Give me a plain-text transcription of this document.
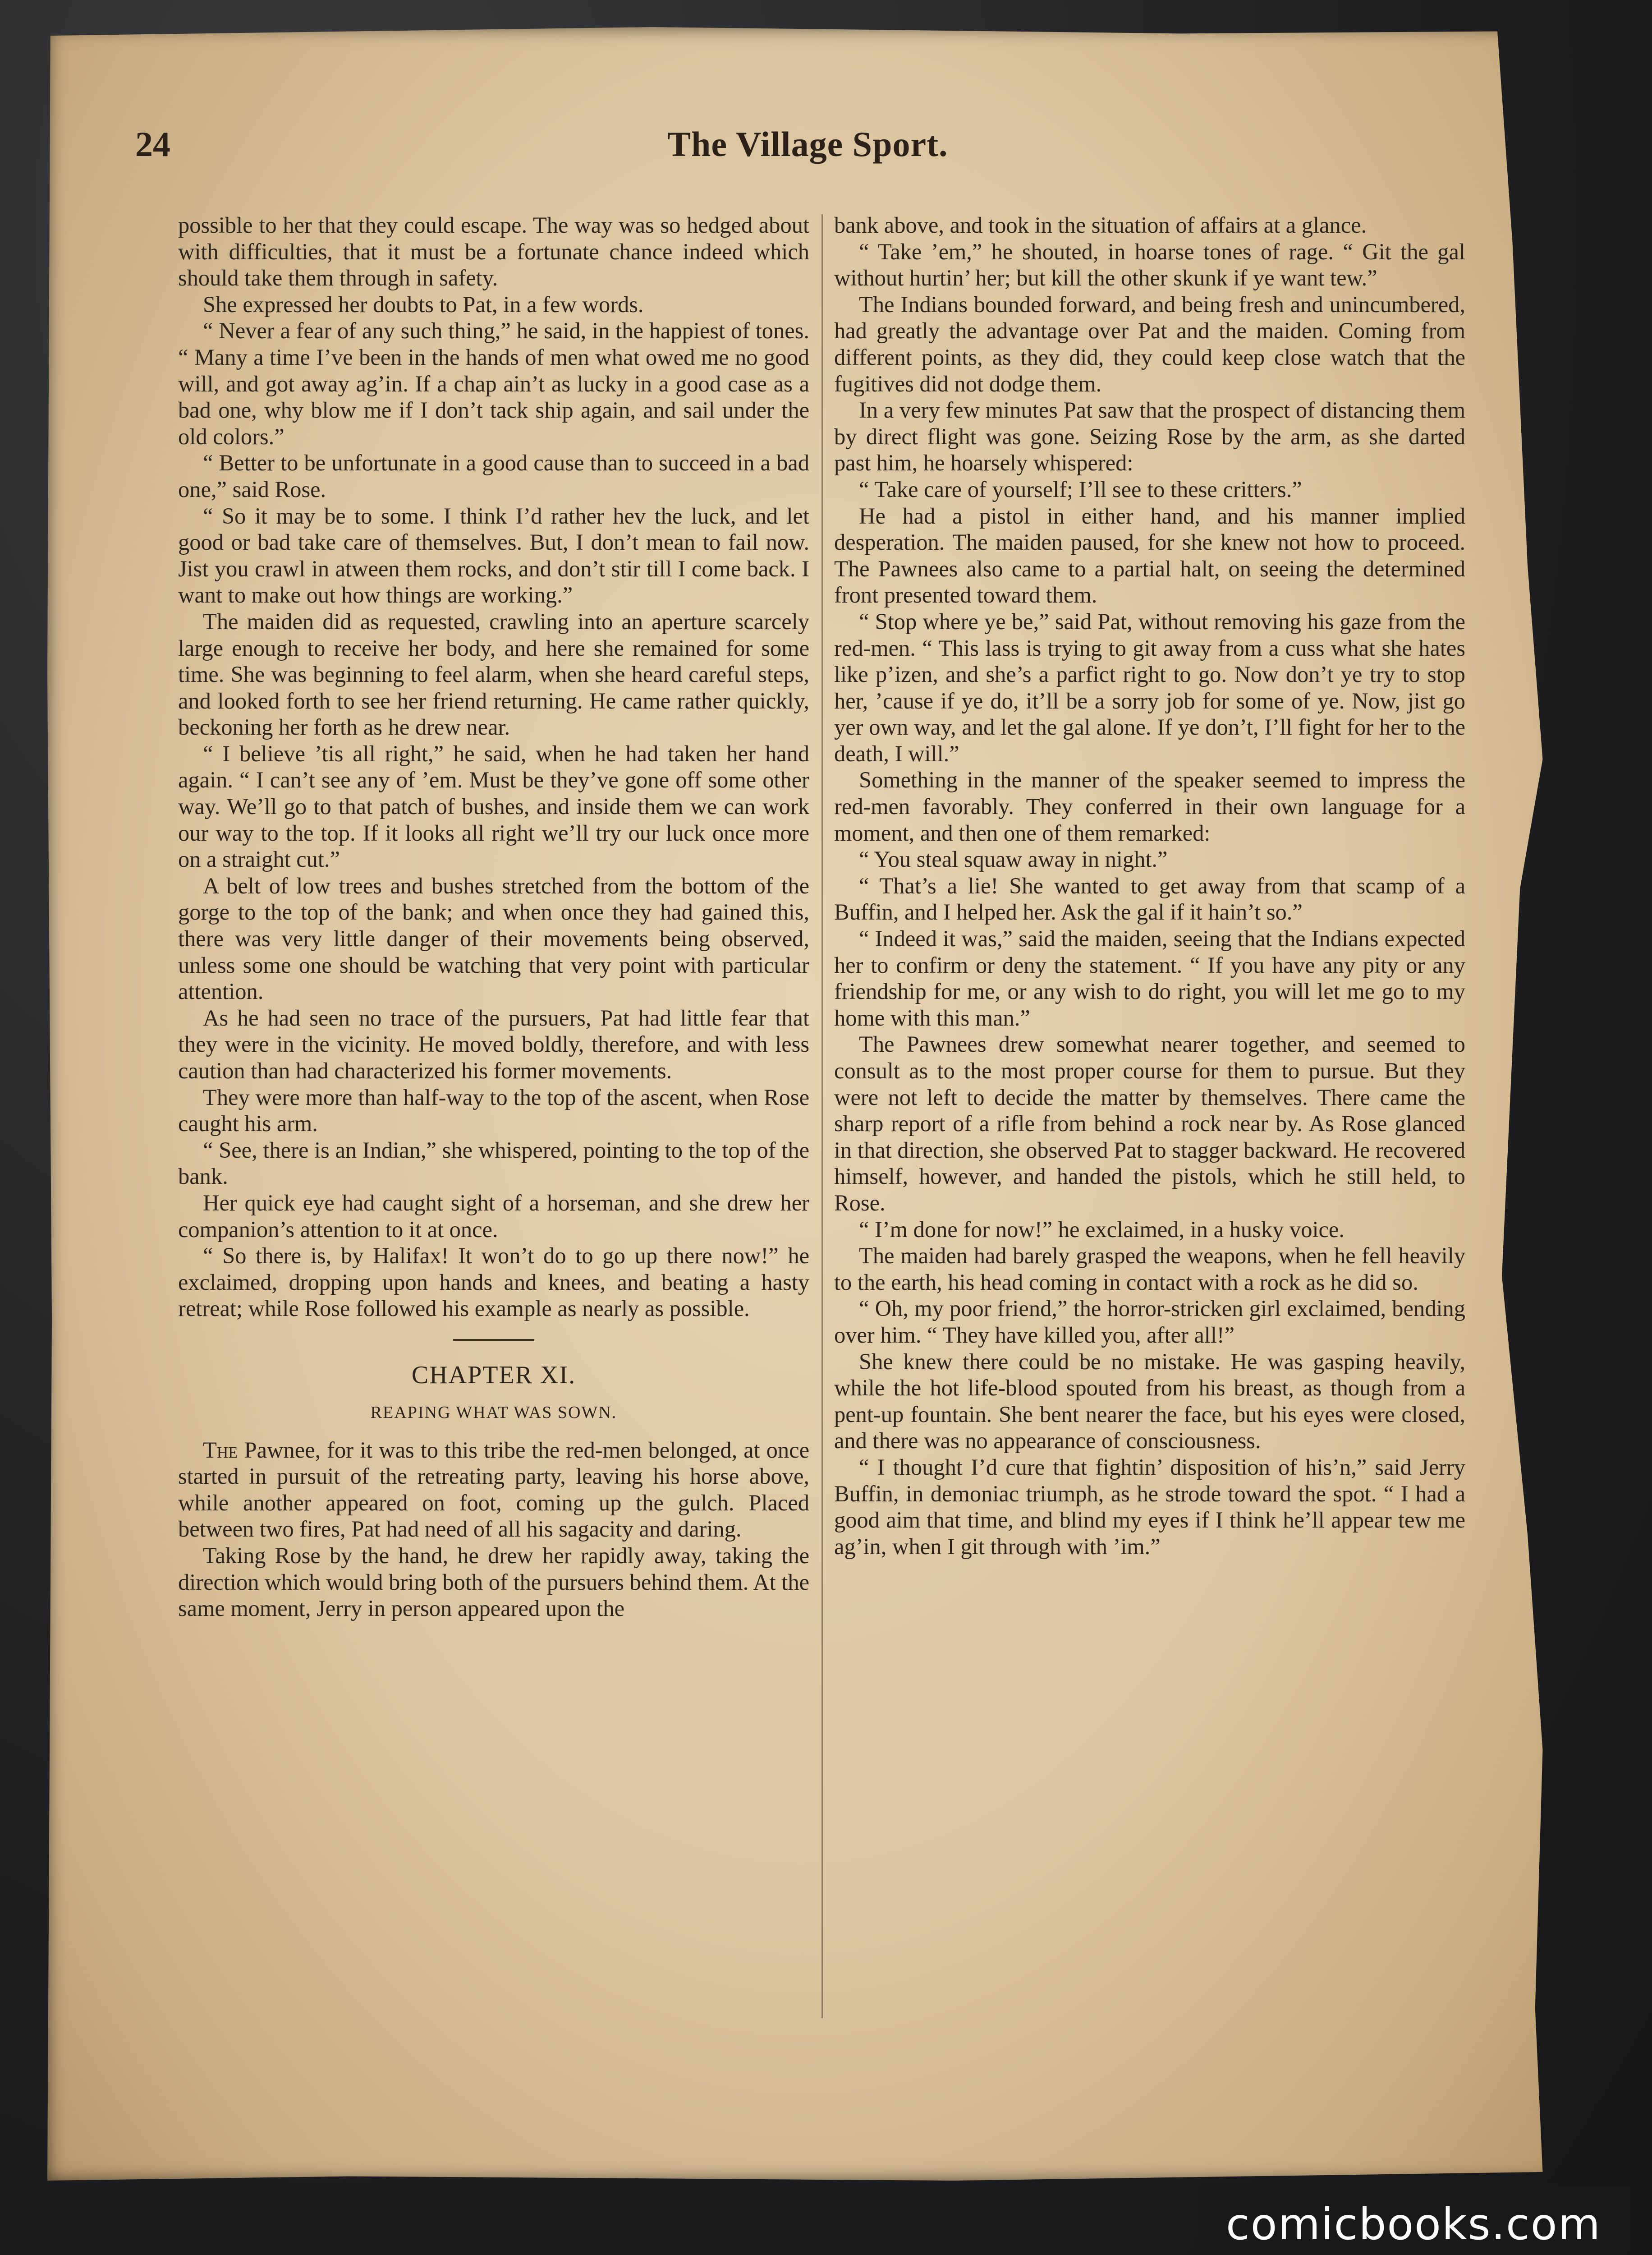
24	The Village Sport.

possible to her that they could escape. The way was so hedged about with difficulties, that it must be a fortunate chance indeed which should take them through in safety.

She expressed her doubts to Pat, in a few words.

“ Never a fear of any such thing,” he said, in the happiest of tones. “ Many a time I’ve been in the hands of men what owed me no good will, and got away ag’in. If a chap ain’t as lucky in a good case as a bad one, why blow me if I don’t tack ship again, and sail under the old colors.”

“ Better to be unfortunate in a good cause than to succeed in a bad one,” said Rose.

“ So it may be to some. I think I’d rather hev the luck, and let good or bad take care of themselves. But, I don’t mean to fail now. Jist you crawl in atween them rocks, and don’t stir till I come back. I want to make out how things are working.”

The maiden did as requested, crawling into an aperture scarcely large enough to receive her body, and here she remained for some time. She was beginning to feel alarm, when she heard careful steps, and looked forth to see her friend returning. He came rather quickly, beckoning her forth as he drew near.

“ I believe ’tis all right,” he said, when he had taken her hand again. “ I can’t see any of ’em. Must be they’ve gone off some other way. We’ll go to that patch of bushes, and inside them we can work our way to the top. If it looks all right we’ll try our luck once more on a straight cut.”

A belt of low trees and bushes stretched from the bottom of the gorge to the top of the bank; and when once they had gained this, there was very little danger of their movements being observed, unless some one should be watching that very point with particular attention.

As he had seen no trace of the pursuers, Pat had little fear that they were in the vicinity. He moved boldly, therefore, and with less caution than had characterized his former movements.

They were more than half-way to the top of the ascent, when Rose caught his arm.

“ See, there is an Indian,” she whispered, pointing to the top of the bank.

Her quick eye had caught sight of a horseman, and she drew her companion’s attention to it at once.

“ So there is, by Halifax! It won’t do to go up there now!” he exclaimed, dropping upon hands and knees, and beating a hasty retreat; while Rose followed his example as nearly as possible.

CHAPTER XI.
REAPING WHAT WAS SOWN.

The Pawnee, for it was to this tribe the red-men belonged, at once started in pursuit of the retreating party, leaving his horse above, while another appeared on foot, coming up the gulch. Placed between two fires, Pat had need of all his sagacity and daring.

Taking Rose by the hand, he drew her rapidly away, taking the direction which would bring both of the pursuers behind them. At the same moment, Jerry in person appeared upon the

bank above, and took in the situation of affairs at a glance.

“ Take ’em,” he shouted, in hoarse tones of rage. “ Git the gal without hurtin’ her; but kill the other skunk if ye want tew.”

The Indians bounded forward, and being fresh and unincumbered, had greatly the advantage over Pat and the maiden. Coming from different points, as they did, they could keep close watch that the fugitives did not dodge them.

In a very few minutes Pat saw that the prospect of distancing them by direct flight was gone. Seizing Rose by the arm, as she darted past him, he hoarsely whispered:

“ Take care of yourself; I’ll see to these critters.”

He had a pistol in either hand, and his manner implied desperation. The maiden paused, for she knew not how to proceed. The Pawnees also came to a partial halt, on seeing the determined front presented toward them.

“ Stop where ye be,” said Pat, without removing his gaze from the red-men. “ This lass is trying to git away from a cuss what she hates like p’izen, and she’s a parfict right to go. Now don’t ye try to stop her, ’cause if ye do, it’ll be a sorry job for some of ye. Now, jist go yer own way, and let the gal alone. If ye don’t, I’ll fight for her to the death, I will.”

Something in the manner of the speaker seemed to impress the red-men favorably. They conferred in their own language for a moment, and then one of them remarked:

“ You steal squaw away in night.”

“ That’s a lie! She wanted to get away from that scamp of a Buffin, and I helped her. Ask the gal if it hain’t so.”

“ Indeed it was,” said the maiden, seeing that the Indians expected her to confirm or deny the statement. “ If you have any pity or any friendship for me, or any wish to do right, you will let me go to my home with this man.”

The Pawnees drew somewhat nearer together, and seemed to consult as to the most proper course for them to pursue. But they were not left to decide the matter by themselves. There came the sharp report of a rifle from behind a rock near by. As Rose glanced in that direction, she observed Pat to stagger backward. He recovered himself, however, and handed the pistols, which he still held, to Rose.

“ I’m done for now!” he exclaimed, in a husky voice.

The maiden had barely grasped the weapons, when he fell heavily to the earth, his head coming in contact with a rock as he did so.

“ Oh, my poor friend,” the horror-stricken girl exclaimed, bending over him. “ They have killed you, after all!”

She knew there could be no mistake. He was gasping heavily, while the hot life-blood spouted from his breast, as though from a pent-up fountain. She bent nearer the face, but his eyes were closed, and there was no appearance of consciousness.

“ I thought I’d cure that fightin’ disposition of his’n,” said Jerry Buffin, in demoniac triumph, as he strode toward the spot. “ I had a good aim that time, and blind my eyes if I think he’ll appear tew me ag’in, when I git through with ’im.”

comicbooks.com
